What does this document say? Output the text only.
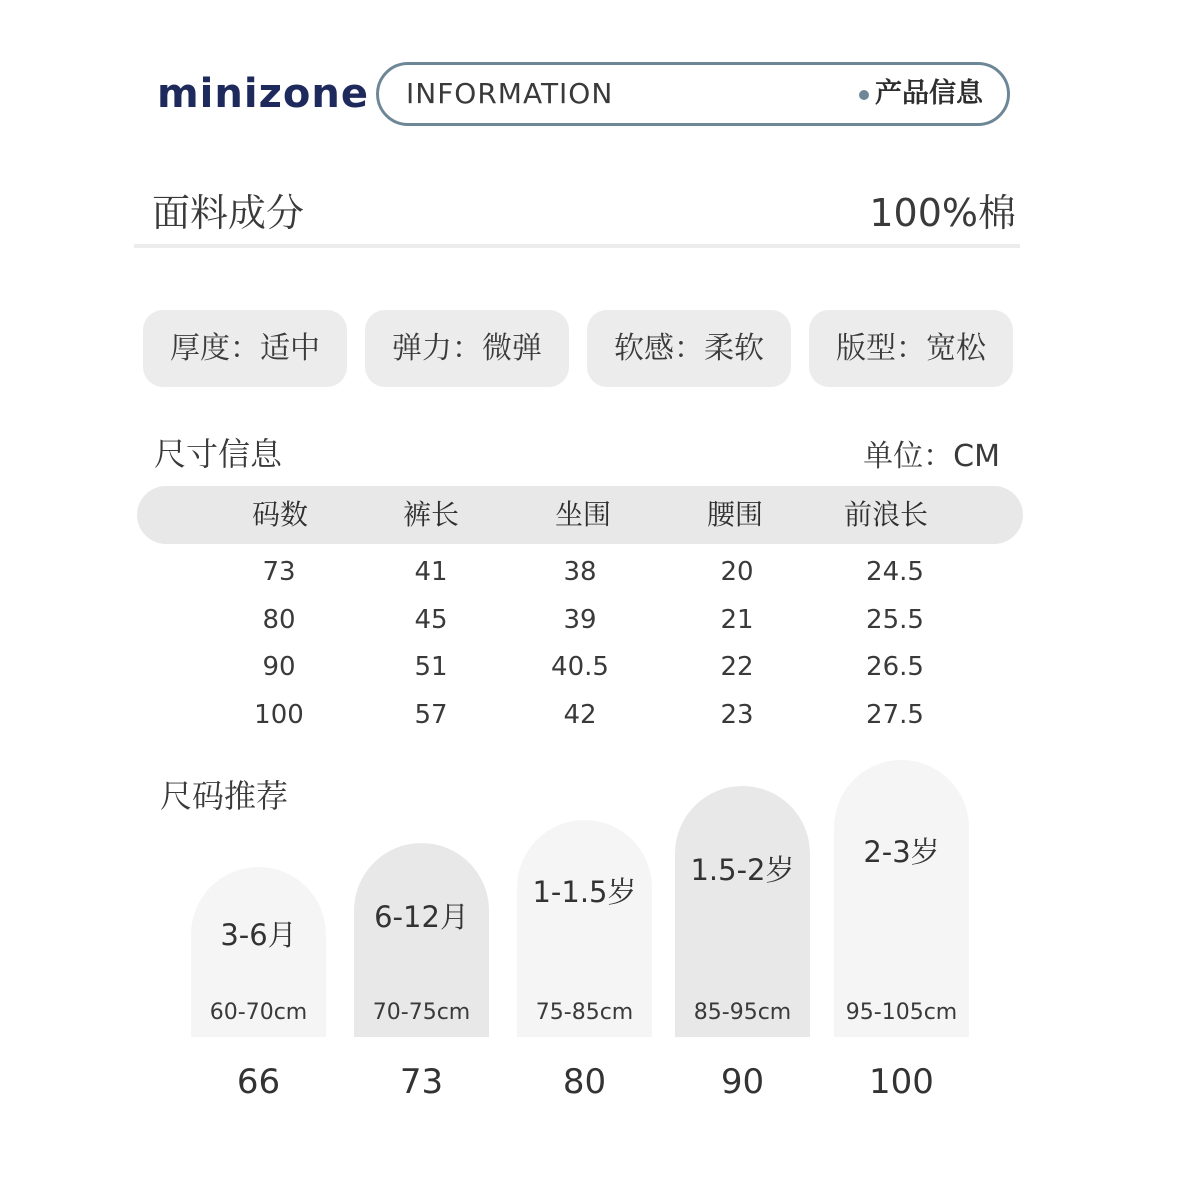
minizone INFORMATION	产品信息
面料成分	100%棉
厚度：适中	弹力：微弹	软感：柔软	版型：宽松
尺寸信息	单位：CM
码数	裤长	坐围	腰围	前浪长
73	41	38	20	24.5
80	45	39	21	25.5
90	51	40.5	22	26.5
100	57	42	23	27.5
尺码推荐
3-6月
60-70cm
66
6-12月
70-75cm
73
1-1.5岁
75-85cm
80
1.5-2岁
85-95cm
90
2-3岁
95-105cm
100
